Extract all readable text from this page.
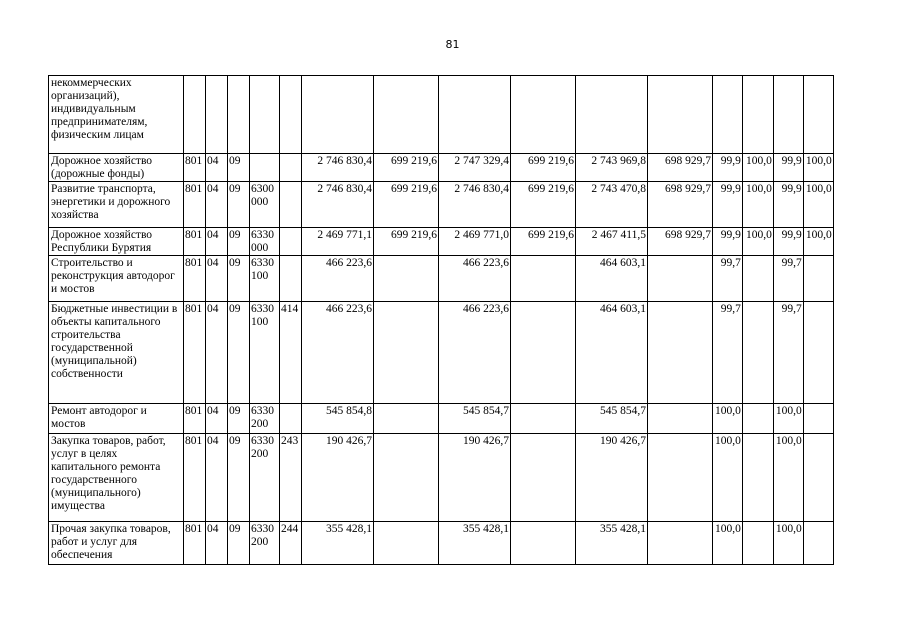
81
некоммерческих организаций), индивидуальным предпринимателям, физическим лицам															
Дорожное хозяйство (дорожные фонды)	801	04	09			2 746 830,4	699 219,6	2 747 329,4	699 219,6	2 743 969,8	698 929,7	99,9	100,0	99,9	100,0
Развитие транспорта, энергетики и дорожного хозяйства	801	04	09	6300 000		2 746 830,4	699 219,6	2 746 830,4	699 219,6	2 743 470,8	698 929,7	99,9	100,0	99,9	100,0
Дорожное хозяйство Республики Бурятия	801	04	09	6330 000		2 469 771,1	699 219,6	2 469 771,0	699 219,6	2 467 411,5	698 929,7	99,9	100,0	99,9	100,0
Строительство и реконструкция автодорог и мостов	801	04	09	6330 100		466 223,6		466 223,6		464 603,1		99,7		99,7	
Бюджетные инвестиции в объекты капитального строительства государственной (муниципальной) собственности	801	04	09	6330 100	414	466 223,6		466 223,6		464 603,1		99,7		99,7	
Ремонт автодорог и мостов	801	04	09	6330 200		545 854,8		545 854,7		545 854,7		100,0		100,0	
Закупка товаров, работ, услуг в целях капитального ремонта государственного (муниципального) имущества	801	04	09	6330 200	243	190 426,7		190 426,7		190 426,7		100,0		100,0	
Прочая закупка товаров, работ и услуг для обеспечения	801	04	09	6330 200	244	355 428,1		355 428,1		355 428,1		100,0		100,0	
